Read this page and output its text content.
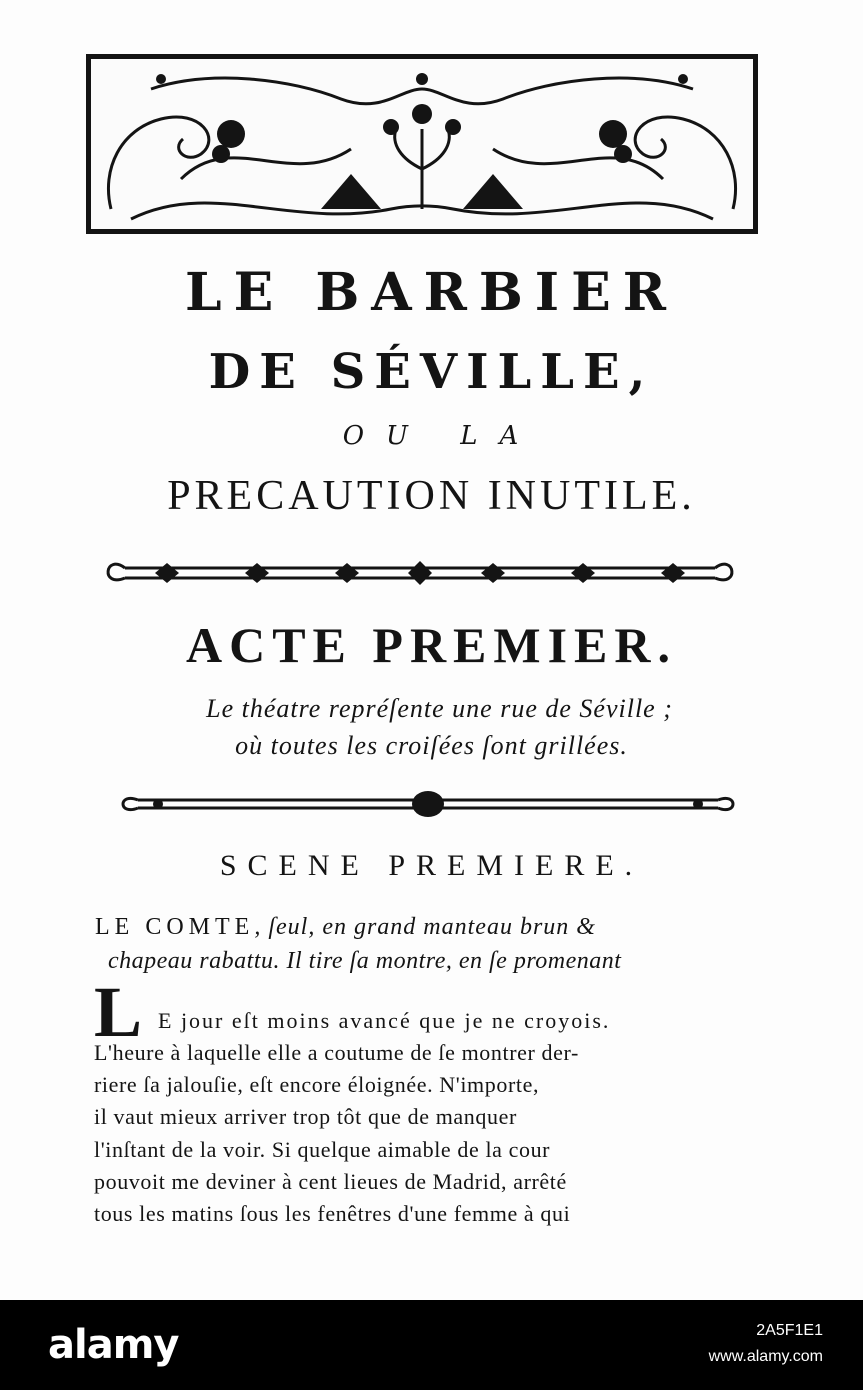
LE BARBIER
DE SÉVILLE,
OU LA
PRECAUTION INUTILE.
ACTE PREMIER.
Le théatre repréſente une rue de Séville ;
où toutes les croiſées ſont grillées.
SCENE PREMIERE.
LE COMTE, ſeul, en grand manteau brun &
chapeau rabattu. Il tire ſa montre, en ſe promenant
L E jour eſt moins avancé que je ne croyois.
L'heure à laquelle elle a coutume de ſe montrer der-
riere ſa jalouſie, eſt encore éloignée. N'importe,
il vaut mieux arriver trop tôt que de manquer
l'inſtant de la voir. Si quelque aimable de la cour
pouvoit me deviner à cent lieues de Madrid, arrêté
tous les matins ſous les fenêtres d'une femme à qui
alamy	2A5F1E1
www.alamy.com
